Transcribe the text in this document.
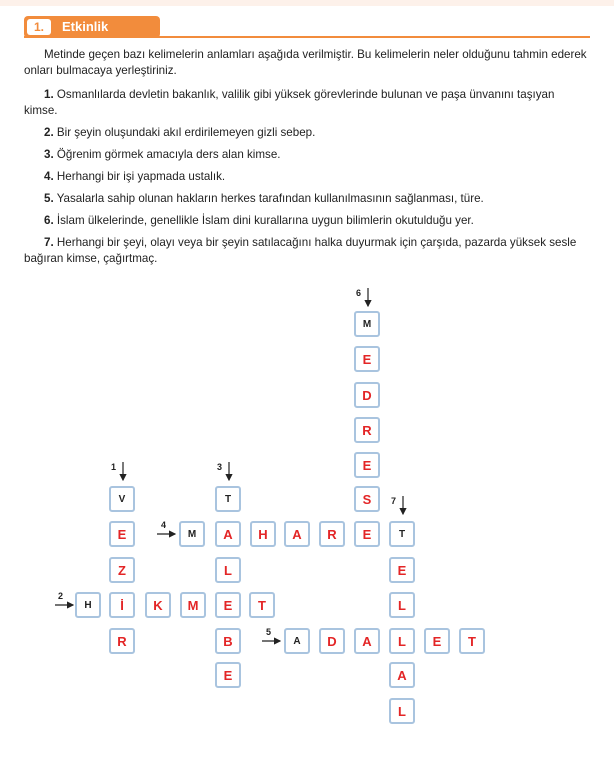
1.	Etkinlik

Metinde geçen bazı kelimelerin anlamları aşağıda verilmiştir. Bu kelimelerin neler olduğunu tahmin ederek onları bulmacaya yerleştiriniz.

1. Osmanlılarda devletin bakanlık, valilik gibi yüksek görevlerinde bulunan ve paşa ünvanını taşıyan kimse.

2. Bir şeyin oluşundaki akıl erdirilemeyen gizli sebep.

3. Öğrenim görmek amacıyla ders alan kimse.

4. Herhangi bir işi yapmada ustalık.

5. Yasalarla sahip olunan hakların herkes tarafından kullanılmasının sağlanması, türe.

6. İslam ülkelerinde, genellikle İslam dini kurallarına uygun bilimlerin okutulduğu yer.

7. Herhangi bir şeyi, olayı veya bir şeyin satılacağını halka duyurmak için çarşıda, pazarda yüksek sesle bağıran kimse, çağırtmaç.

1
2
3
4
5
6
7
M
E
D
R
E
S
V
E
Z
R
T
L
B
E
M	A	H	A	R	E	T
H	İ	K	M	E	T
A	D	A	L	E	T
E
L
A
L
